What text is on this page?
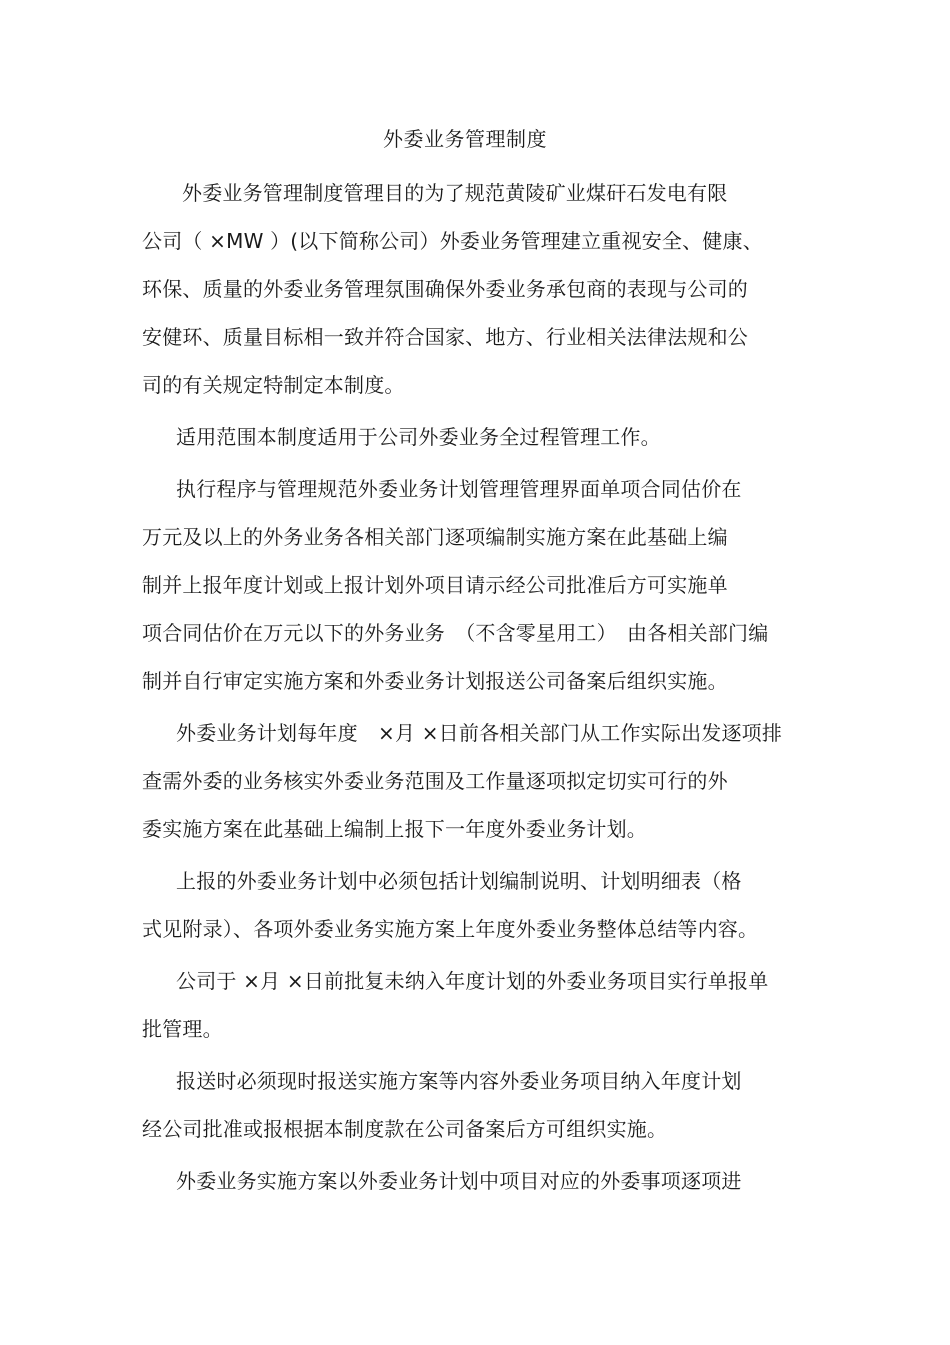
外委业务管理制度
外委业务管理制度管理目的为了规范黄陵矿业煤矸石发电有限
公司（ ×MW ）(以下简称公司）外委业务管理建立重视安全、健康、
环保、质量的外委业务管理氛围确保外委业务承包商的表现与公司的
安健环、质量目标相一致并符合国家、地方、行业相关法律法规和公
司的有关规定特制定本制度。
适用范围本制度适用于公司外委业务全过程管理工作。
执行程序与管理规范外委业务计划管理管理界面单项合同估价在
万元及以上的外务业务各相关部门逐项编制实施方案在此基础上编
制并上报年度计划或上报计划外项目请示经公司批准后方可实施单
项合同估价在万元以下的外务业务　（不含零星用工）　由各相关部门编
制并自行审定实施方案和外委业务计划报送公司备案后组织实施。
外委业务计划每年度　×月 ×日前各相关部门从工作实际出发逐项排
查需外委的业务核实外委业务范围及工作量逐项拟定切实可行的外
委实施方案在此基础上编制上报下一年度外委业务计划。
上报的外委业务计划中必须包括计划编制说明、计划明细表（格
式见附录）、各项外委业务实施方案上年度外委业务整体总结等内容。
公司于 ×月 ×日前批复未纳入年度计划的外委业务项目实行单报单
批管理。
报送时必须现时报送实施方案等内容外委业务项目纳入年度计划
经公司批准或报根据本制度款在公司备案后方可组织实施。
外委业务实施方案以外委业务计划中项目对应的外委事项逐项进
